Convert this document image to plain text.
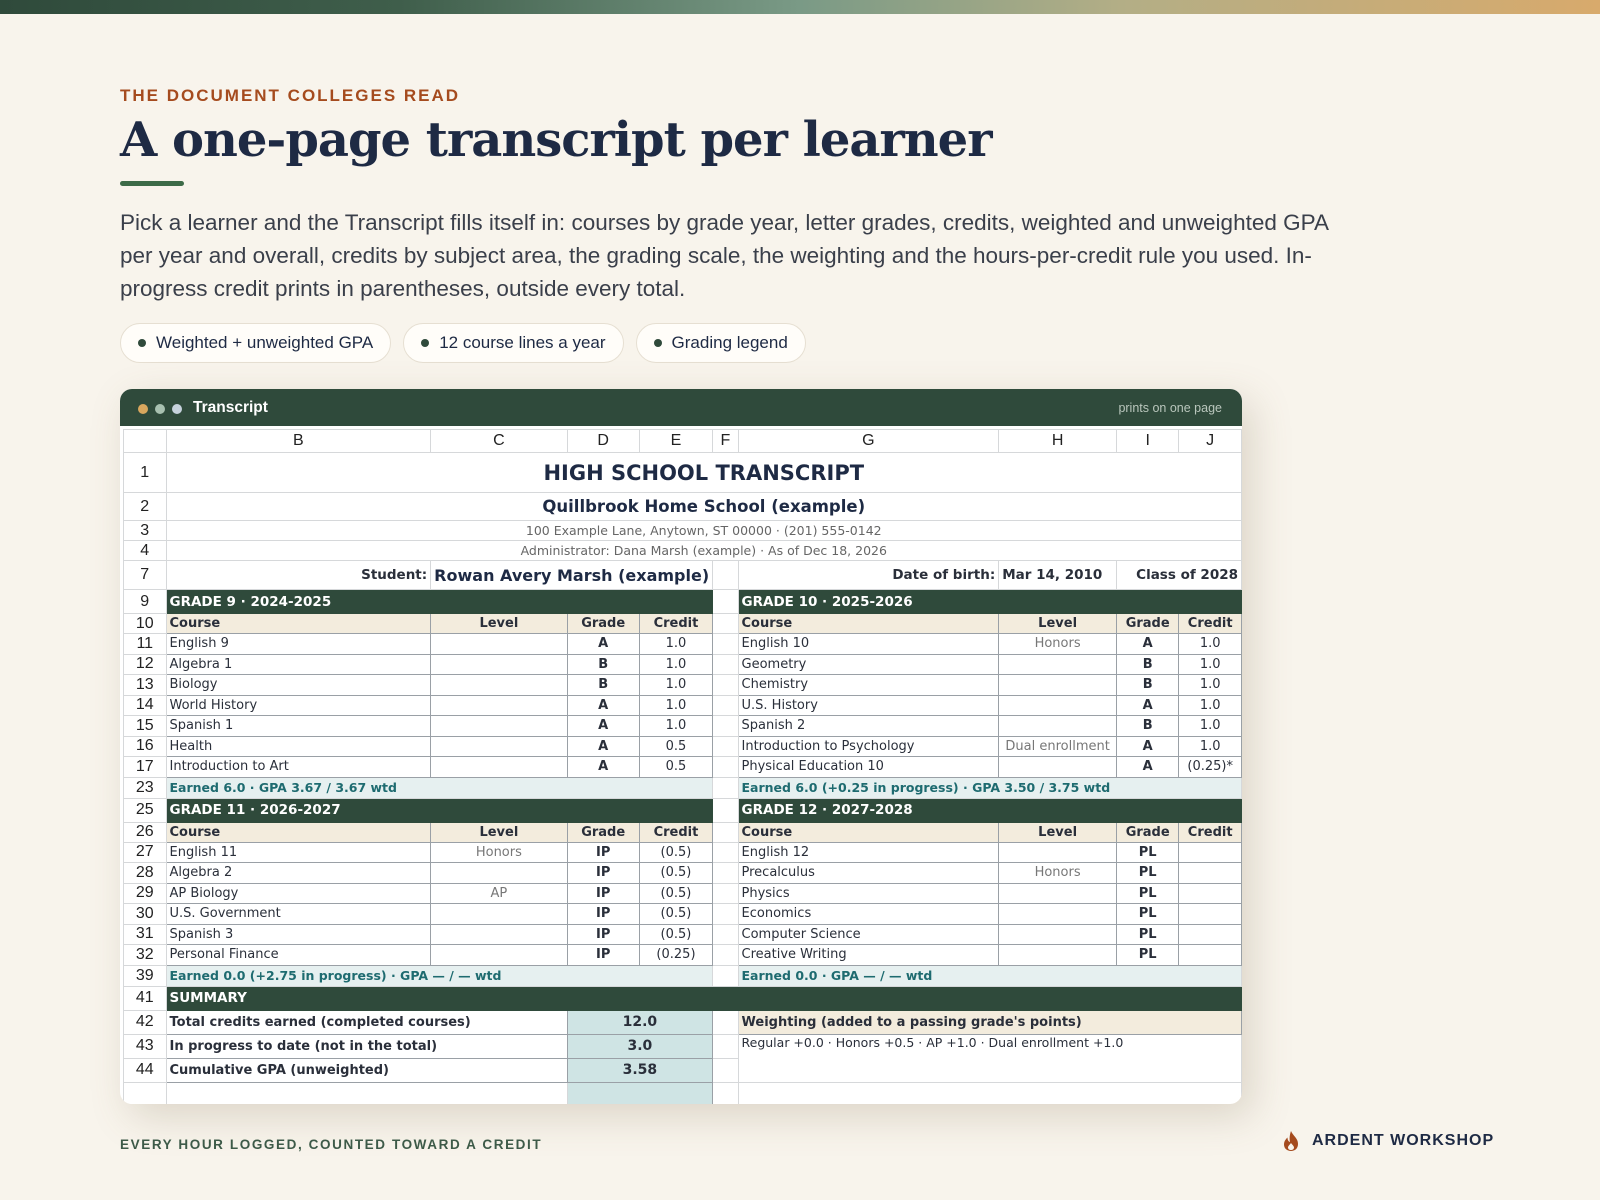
THE DOCUMENT COLLEGES READ
A one-page transcript per learner
Pick a learner and the Transcript fills itself in: courses by grade year, letter grades, credits, weighted and unweighted GPA per year and overall, credits by subject area, the grading scale, the weighting and the hours-per-credit rule you used. In-progress credit prints in parentheses, outside every total.
Weighted + unweighted GPA	12 course lines a year	Grading legend
Transcript	prints on one page
	B	C	D	E	F	G	H	I	J
1	HIGH SCHOOL TRANSCRIPT								
2	Quillbrook Home School (example)								
3	100 Example Lane, Anytown, ST 00000 · (201) 555-0142								
4	Administrator: Dana Marsh (example) · As of Dec 18, 2026								
7	Student:	Rowan Avery Marsh (example)				Date of birth:	Mar 14, 2010	Class of 2028	
9	GRADE 9 · 2024-2025					GRADE 10 · 2025-2026			
10	Course	Level	Grade	Credit		Course	Level	Grade	Credit
11	English 9		A	1.0		English 10	Honors	A	1.0
12	Algebra 1		B	1.0		Geometry		B	1.0
13	Biology		B	1.0		Chemistry		B	1.0
14	World History		A	1.0		U.S. History		A	1.0
15	Spanish 1		A	1.0		Spanish 2		B	1.0
16	Health		A	0.5		Introduction to Psychology	Dual enrollment	A	1.0
17	Introduction to Art		A	0.5		Physical Education 10		A	(0.25)*
23	Earned 6.0 · GPA 3.67 / 3.67 wtd					Earned 6.0 (+0.25 in progress) · GPA 3.50 / 3.75 wtd			
25	GRADE 11 · 2026-2027					GRADE 12 · 2027-2028			
26	Course	Level	Grade	Credit		Course	Level	Grade	Credit
27	English 11	Honors	IP	(0.5)		English 12		PL	
28	Algebra 2		IP	(0.5)		Precalculus	Honors	PL	
29	AP Biology	AP	IP	(0.5)		Physics		PL	
30	U.S. Government		IP	(0.5)		Economics		PL	
31	Spanish 3		IP	(0.5)		Computer Science		PL	
32	Personal Finance		IP	(0.25)		Creative Writing		PL	
39	Earned 0.0 (+2.75 in progress) · GPA — / — wtd					Earned 0.0 · GPA — / — wtd			
41	SUMMARY								
42	Total credits earned (completed courses)		12.0			Weighting (added to a passing grade's points)			
43	In progress to date (not in the total)		3.0			Regular +0.0 · Honors +0.5 · AP +1.0 · Dual enrollment +1.0			
44	Cumulative GPA (unweighted)		3.58						

EVERY HOUR LOGGED, COUNTED TOWARD A CREDIT	ARDENT WORKSHOP
